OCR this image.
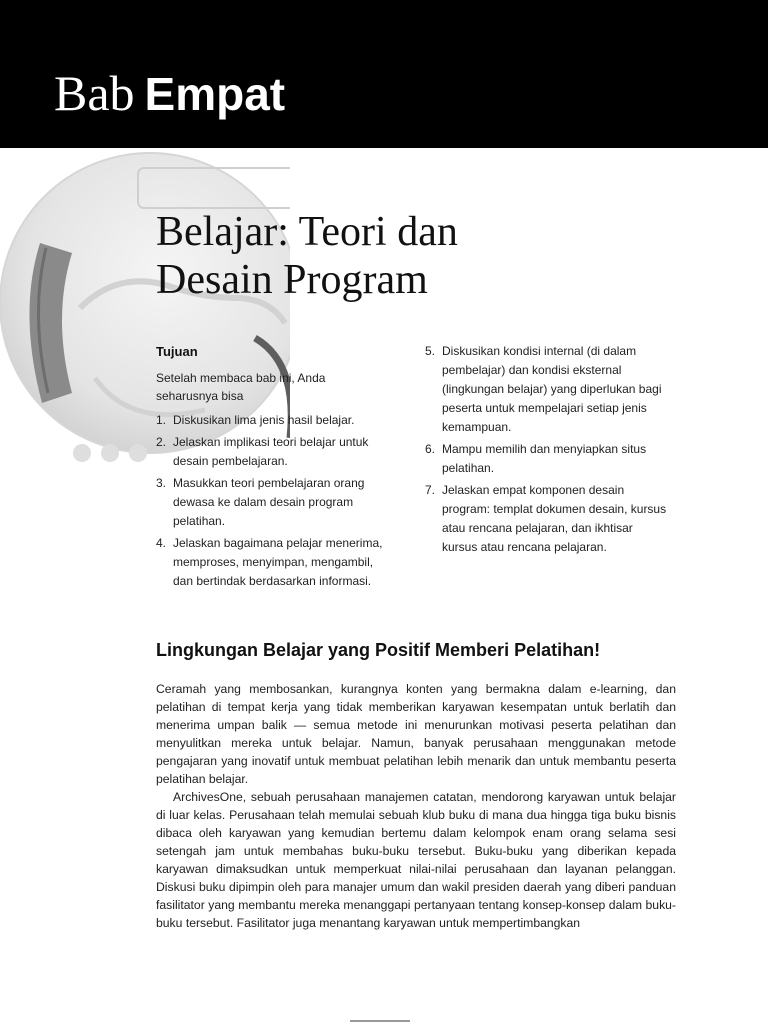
Bab Empat
Belajar: Teori dan
Desain Program
Tujuan
Setelah membaca bab ini, Anda seharusnya bisa
1. Diskusikan lima jenis hasil belajar.
2. Jelaskan implikasi teori belajar untuk desain pembelajaran.
3. Masukkan teori pembelajaran orang dewasa ke dalam desain program pelatihan.
4. Jelaskan bagaimana pelajar menerima, memproses, menyimpan, mengambil, dan bertindak berdasarkan informasi.
5. Diskusikan kondisi internal (di dalam pembelajar) dan kondisi eksternal (lingkungan belajar) yang diperlukan bagi peserta untuk mempelajari setiap jenis kemampuan.
6. Mampu memilih dan menyiapkan situs pelatihan.
7. Jelaskan empat komponen desain program: templat dokumen desain, kursus atau rencana pelajaran, dan ikhtisar kursus atau rencana pelajaran.
Lingkungan Belajar yang Positif Memberi Pelatihan!

Ceramah yang membosankan, kurangnya konten yang bermakna dalam e-learning, dan pelatihan di tempat kerja yang tidak memberikan karyawan kesempatan untuk berlatih dan menerima umpan balik — semua metode ini menurunkan motivasi peserta pelatihan dan menyulitkan mereka untuk belajar. Namun, banyak perusahaan menggunakan metode pengajaran yang inovatif untuk membuat pelatihan lebih menarik dan untuk membantu peserta pelatihan belajar.

ArchivesOne, sebuah perusahaan manajemen catatan, mendorong karyawan untuk belajar di luar kelas. Perusahaan telah memulai sebuah klub buku di mana dua hingga tiga buku bisnis dibaca oleh karyawan yang kemudian bertemu dalam kelompok enam orang selama sesi setengah jam untuk membahas buku-buku tersebut. Buku-buku yang diberikan kepada karyawan dimaksudkan untuk memperkuat nilai-nilai perusahaan dan layanan pelanggan. Diskusi buku dipimpin oleh para manajer umum dan wakil presiden daerah yang diberi panduan fasilitator yang membantu mereka menanggapi pertanyaan tentang konsep-konsep dalam buku-buku tersebut. Fasilitator juga menantang karyawan untuk mempertimbangkan
